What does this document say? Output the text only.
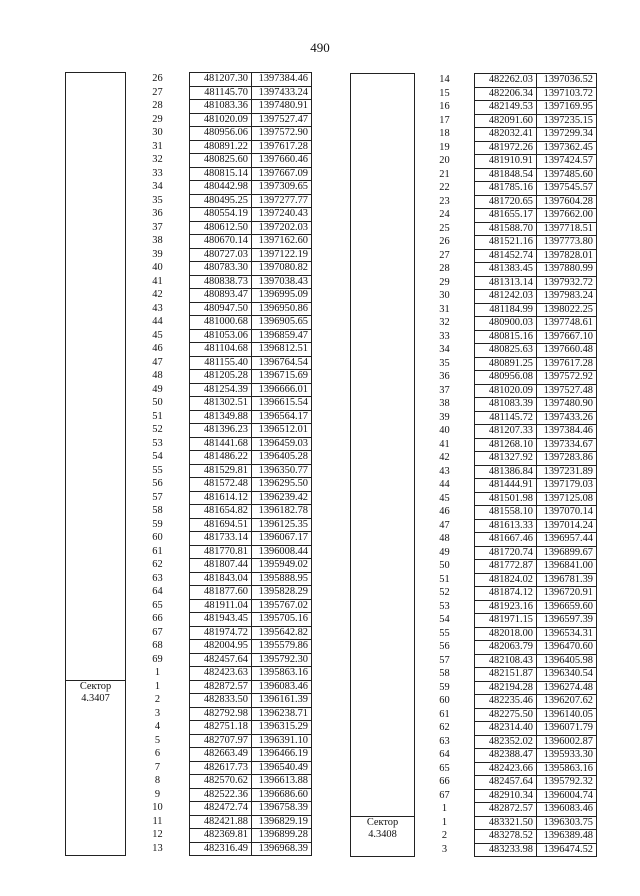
490
	26	481207.30	1397384.46
	27	481145.70	1397433.24
	28	481083.36	1397480.91
	29	481020.09	1397527.47
	30	480956.06	1397572.90
	31	480891.22	1397617.28
	32	480825.60	1397660.46
	33	480815.14	1397667.09
	34	480442.98	1397309.65
	35	480495.25	1397277.77
	36	480554.19	1397240.43
	37	480612.50	1397202.03
	38	480670.14	1397162.60
	39	480727.03	1397122.19
	40	480783.30	1397080.82
	41	480838.73	1397038.43
	42	480893.47	1396995.09
	43	480947.50	1396950.86
	44	481000.68	1396905.65
	45	481053.06	1396859.47
	46	481104.68	1396812.51
	47	481155.40	1396764.54
	48	481205.28	1396715.69
	49	481254.39	1396666.01
	50	481302.51	1396615.54
	51	481349.88	1396564.17
	52	481396.23	1396512.01
	53	481441.68	1396459.03
	54	481486.22	1396405.28
	55	481529.81	1396350.77
	56	481572.48	1396295.50
	57	481614.12	1396239.42
	58	481654.82	1396182.78
	59	481694.51	1396125.35
	60	481733.14	1396067.17
	61	481770.81	1396008.44
	62	481807.44	1395949.02
	63	481843.04	1395888.95
	64	481877.60	1395828.29
	65	481911.04	1395767.02
	66	481943.45	1395705.16
	67	481974.72	1395642.82
	68	482004.95	1395579.86
	69	482457.64	1395792.30
	1	482423.63	1395863.16

Сектор
4.3407	1	482872.57	1396083.46
	2	482833.50	1396161.39
	3	482792.98	1396238.71
	4	482751.18	1396315.29
	5	482707.97	1396391.10
	6	482663.49	1396466.19
	7	482617.73	1396540.49
	8	482570.62	1396613.88
	9	482522.36	1396686.60
	10	482472.74	1396758.39
	11	482421.88	1396829.19
	12	482369.81	1396899.28
	13	482316.49	1396968.39
	14	482262.03	1397036.52
	15	482206.34	1397103.72
	16	482149.53	1397169.95
	17	482091.60	1397235.15
	18	482032.41	1397299.34
	19	481972.26	1397362.45
	20	481910.91	1397424.57
	21	481848.54	1397485.60
	22	481785.16	1397545.57
	23	481720.65	1397604.28
	24	481655.17	1397662.00
	25	481588.70	1397718.51
	26	481521.16	1397773.80
	27	481452.74	1397828.01
	28	481383.45	1397880.99
	29	481313.14	1397932.72
	30	481242.03	1397983.24
	31	481184.99	1398022.25
	32	480900.03	1397748.61
	33	480815.16	1397667.10
	34	480825.63	1397660.48
	35	480891.25	1397617.28
	36	480956.08	1397572.92
	37	481020.09	1397527.48
	38	481083.39	1397480.90
	39	481145.72	1397433.26
	40	481207.33	1397384.46
	41	481268.10	1397334.67
	42	481327.92	1397283.86
	43	481386.84	1397231.89
	44	481444.91	1397179.03
	45	481501.98	1397125.08
	46	481558.10	1397070.14
	47	481613.33	1397014.24
	48	481667.46	1396957.44
	49	481720.74	1396899.67
	50	481772.87	1396841.00
	51	481824.02	1396781.39
	52	481874.12	1396720.91
	53	481923.16	1396659.60
	54	481971.15	1396597.39
	55	482018.00	1396534.31
	56	482063.79	1396470.60
	57	482108.43	1396405.98
	58	482151.87	1396340.54
	59	482194.28	1396274.48
	60	482235.46	1396207.62
	61	482275.50	1396140.05
	62	482314.40	1396071.79
	63	482352.02	1396002.87
	64	482388.47	1395933.30
	65	482423.66	1395863.16
	66	482457.64	1395792.32
	67	482910.34	1396004.74
	1	482872.57	1396083.46

Сектор
4.3408	1	483321.50	1396303.75
	2	483278.52	1396389.48
	3	483233.98	1396474.52
